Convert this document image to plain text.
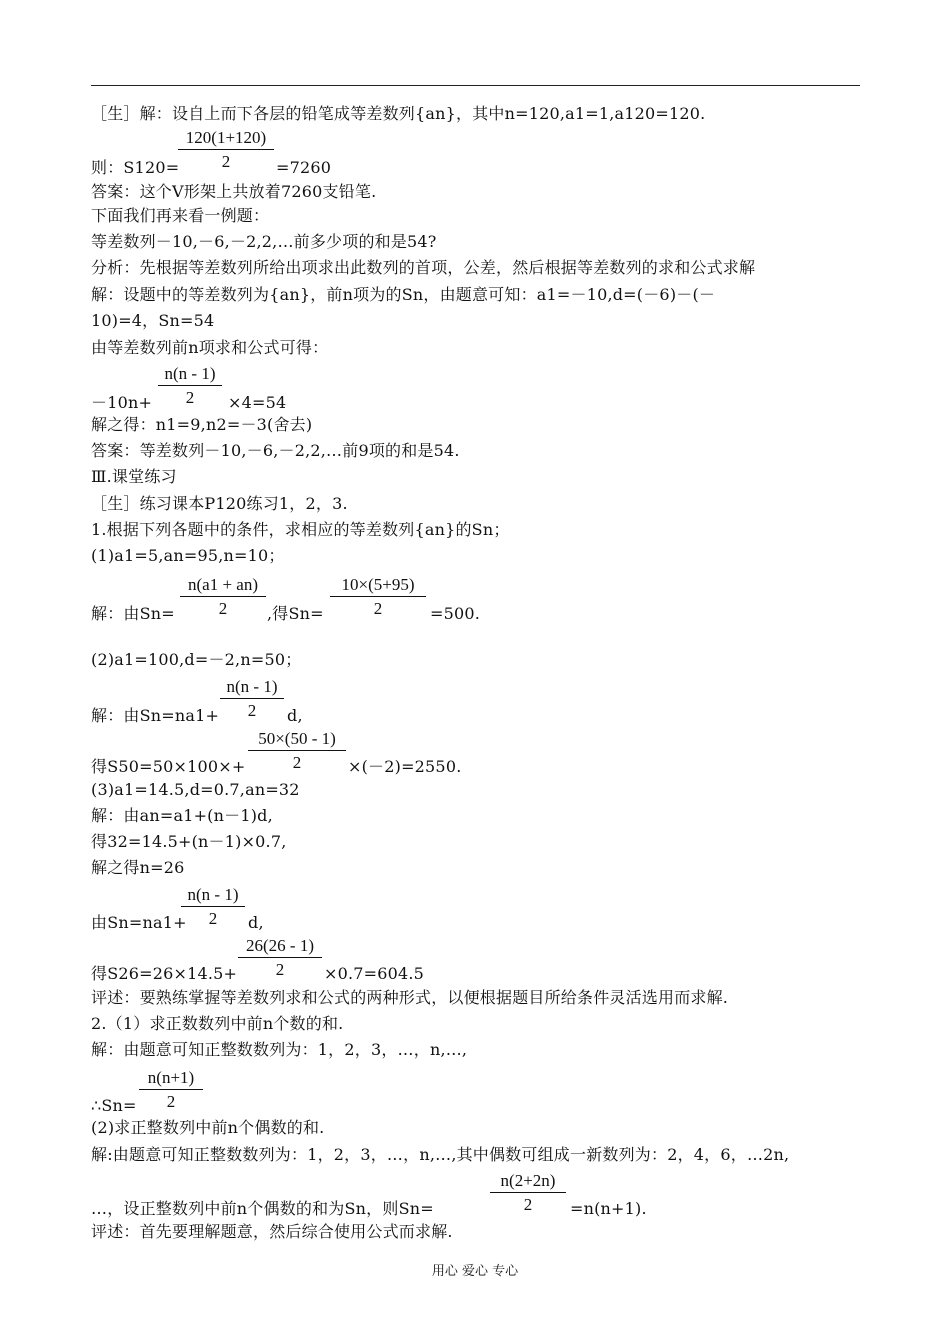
［生］解：设自上而下各层的铅笔成等差数列{an}，其中n=120,a1=1,a120=120.
则：S120=	=7260
答案：这个V形架上共放着7260支铅笔.
下面我们再来看一例题：
等差数列－10,－6,－2,2,…前多少项的和是54?
分析：先根据等差数列所给出项求出此数列的首项，公差，然后根据等差数列的求和公式求解
解：设题中的等差数列为{an}，前n项为的Sn，由题意可知：a1=－10,d=(－6)－(－
10)=4，Sn=54
由等差数列前n项求和公式可得：
－10n+	×4=54
解之得：n1=9,n2=－3(舍去)
答案：等差数列－10,－6,－2,2,…前9项的和是54.
Ⅲ.课堂练习
［生］练习课本P120练习1，2，3.
1.根据下列各题中的条件，求相应的等差数列{an}的Sn；
(1)a1=5,an=95,n=10；
解：由Sn=	,得Sn=	=500.
(2)a1=100,d=－2,n=50；
解：由Sn=na1+	d,
得S50=50×100×+	×(－2)=2550.
(3)a1=14.5,d=0.7,an=32
解：由an=a1+(n－1)d,
得32=14.5+(n－1)×0.7,
解之得n=26
由Sn=na1+	d,
得S26=26×14.5+	×0.7=604.5
评述：要熟练掌握等差数列求和公式的两种形式，以便根据题目所给条件灵活选用而求解.
2.（1）求正数数列中前n个数的和.
解：由题意可知正整数数列为：1，2，3，…，n,…,
∴Sn=
(2)求正整数列中前n个偶数的和.
解:由题意可知正整数数列为：1，2，3，…，n,…,其中偶数可组成一新数列为：2，4，6，…2n,
…，设正整数列中前n个偶数的和为Sn，则Sn=	=n(n+1).
评述：首先要理解题意，然后综合使用公式而求解.
120(1+120)
2
n(n - 1)
2
n(a1 + an)
2
10×(5+95)
2
n(n - 1)
2
50×(50 - 1)
2
n(n - 1)
2
26(26 - 1)
2
n(n+1)
2
n(2+2n)
2
用心 爱心 专心
